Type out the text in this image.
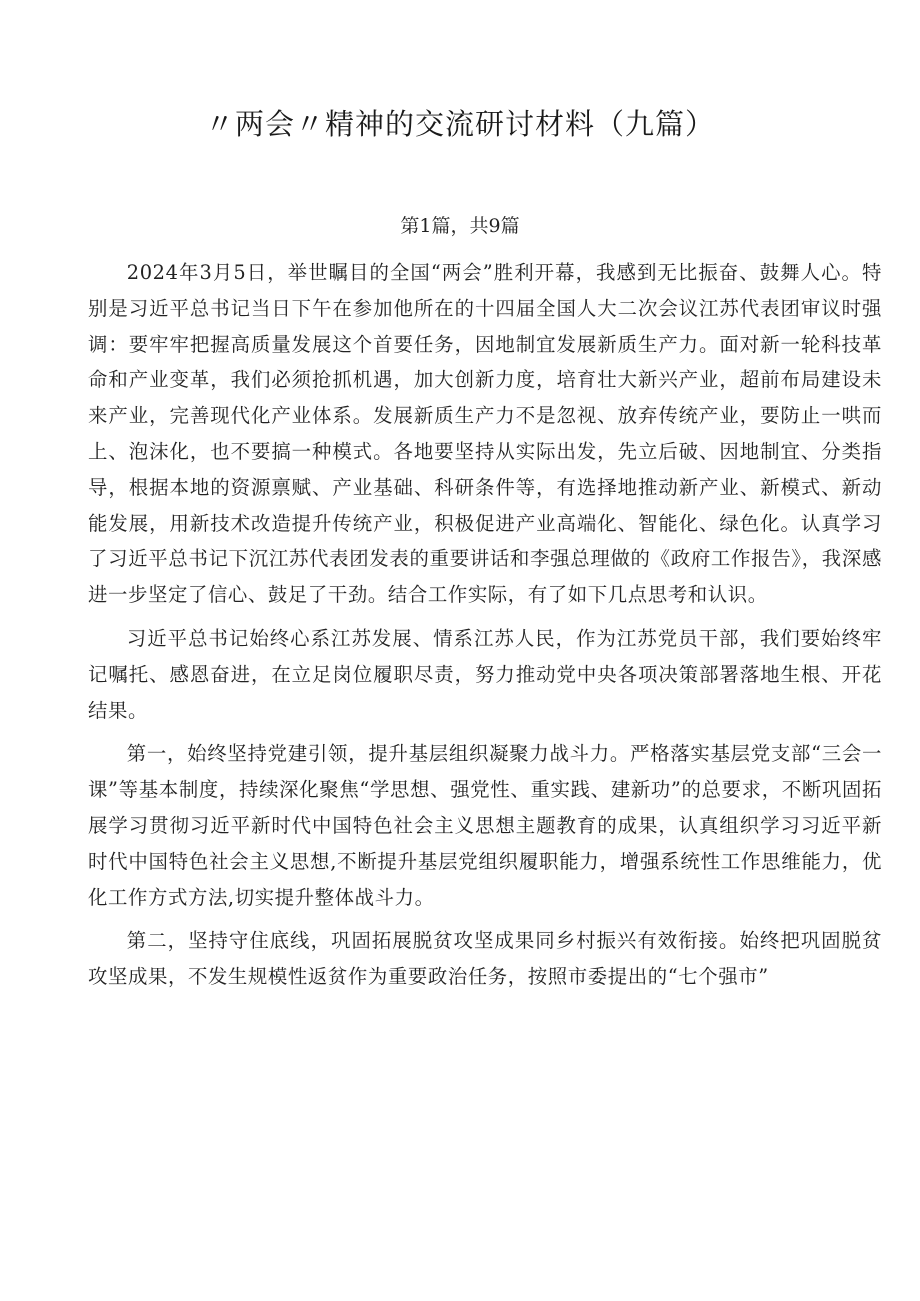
〃两会〃精神的交流研讨材料（九篇）
第1篇，共9篇

2024年3月5日，举世瞩目的全国“两会”胜利开幕，我感到无比振奋、鼓舞人心。特别是习近平总书记当日下午在参加他所在的十四届全国人大二次会议江苏代表团审议时强调：要牢牢把握高质量发展这个首要任务，因地制宜发展新质生产力。面对新一轮科技革命和产业变革，我们必须抢抓机遇，加大创新力度，培育壮大新兴产业，超前布局建设未来产业，完善现代化产业体系。发展新质生产力不是忽视、放弃传统产业，要防止一哄而上、泡沫化，也不要搞一种模式。各地要坚持从实际出发，先立后破、因地制宜、分类指导，根据本地的资源禀赋、产业基础、科研条件等，有选择地推动新产业、新模式、新动能发展，用新技术改造提升传统产业，积极促进产业高端化、智能化、绿色化。认真学习了习近平总书记下沉江苏代表团发表的重要讲话和李强总理做的《政府工作报告》，我深感进一步坚定了信心、鼓足了干劲。结合工作实际，有了如下几点思考和认识。

习近平总书记始终心系江苏发展、情系江苏人民，作为江苏党员干部，我们要始终牢记嘱托、感恩奋进，在立足岗位履职尽责，努力推动党中央各项决策部署落地生根、开花结果。

第一，始终坚持党建引领，提升基层组织凝聚力战斗力。严格落实基层党支部“三会一课”等基本制度，持续深化聚焦“学思想、强党性、重实践、建新功”的总要求，不断巩固拓展学习贯彻习近平新时代中国特色社会主义思想主题教育的成果，认真组织学习习近平新时代中国特色社会主义思想,不断提升基层党组织履职能力，增强系统性工作思维能力，优化工作方式方法,切实提升整体战斗力。

第二，坚持守住底线，巩固拓展脱贫攻坚成果同乡村振兴有效衔接。始终把巩固脱贫攻坚成果，不发生规模性返贫作为重要政治任务，按照市委提出的“七个强市”
